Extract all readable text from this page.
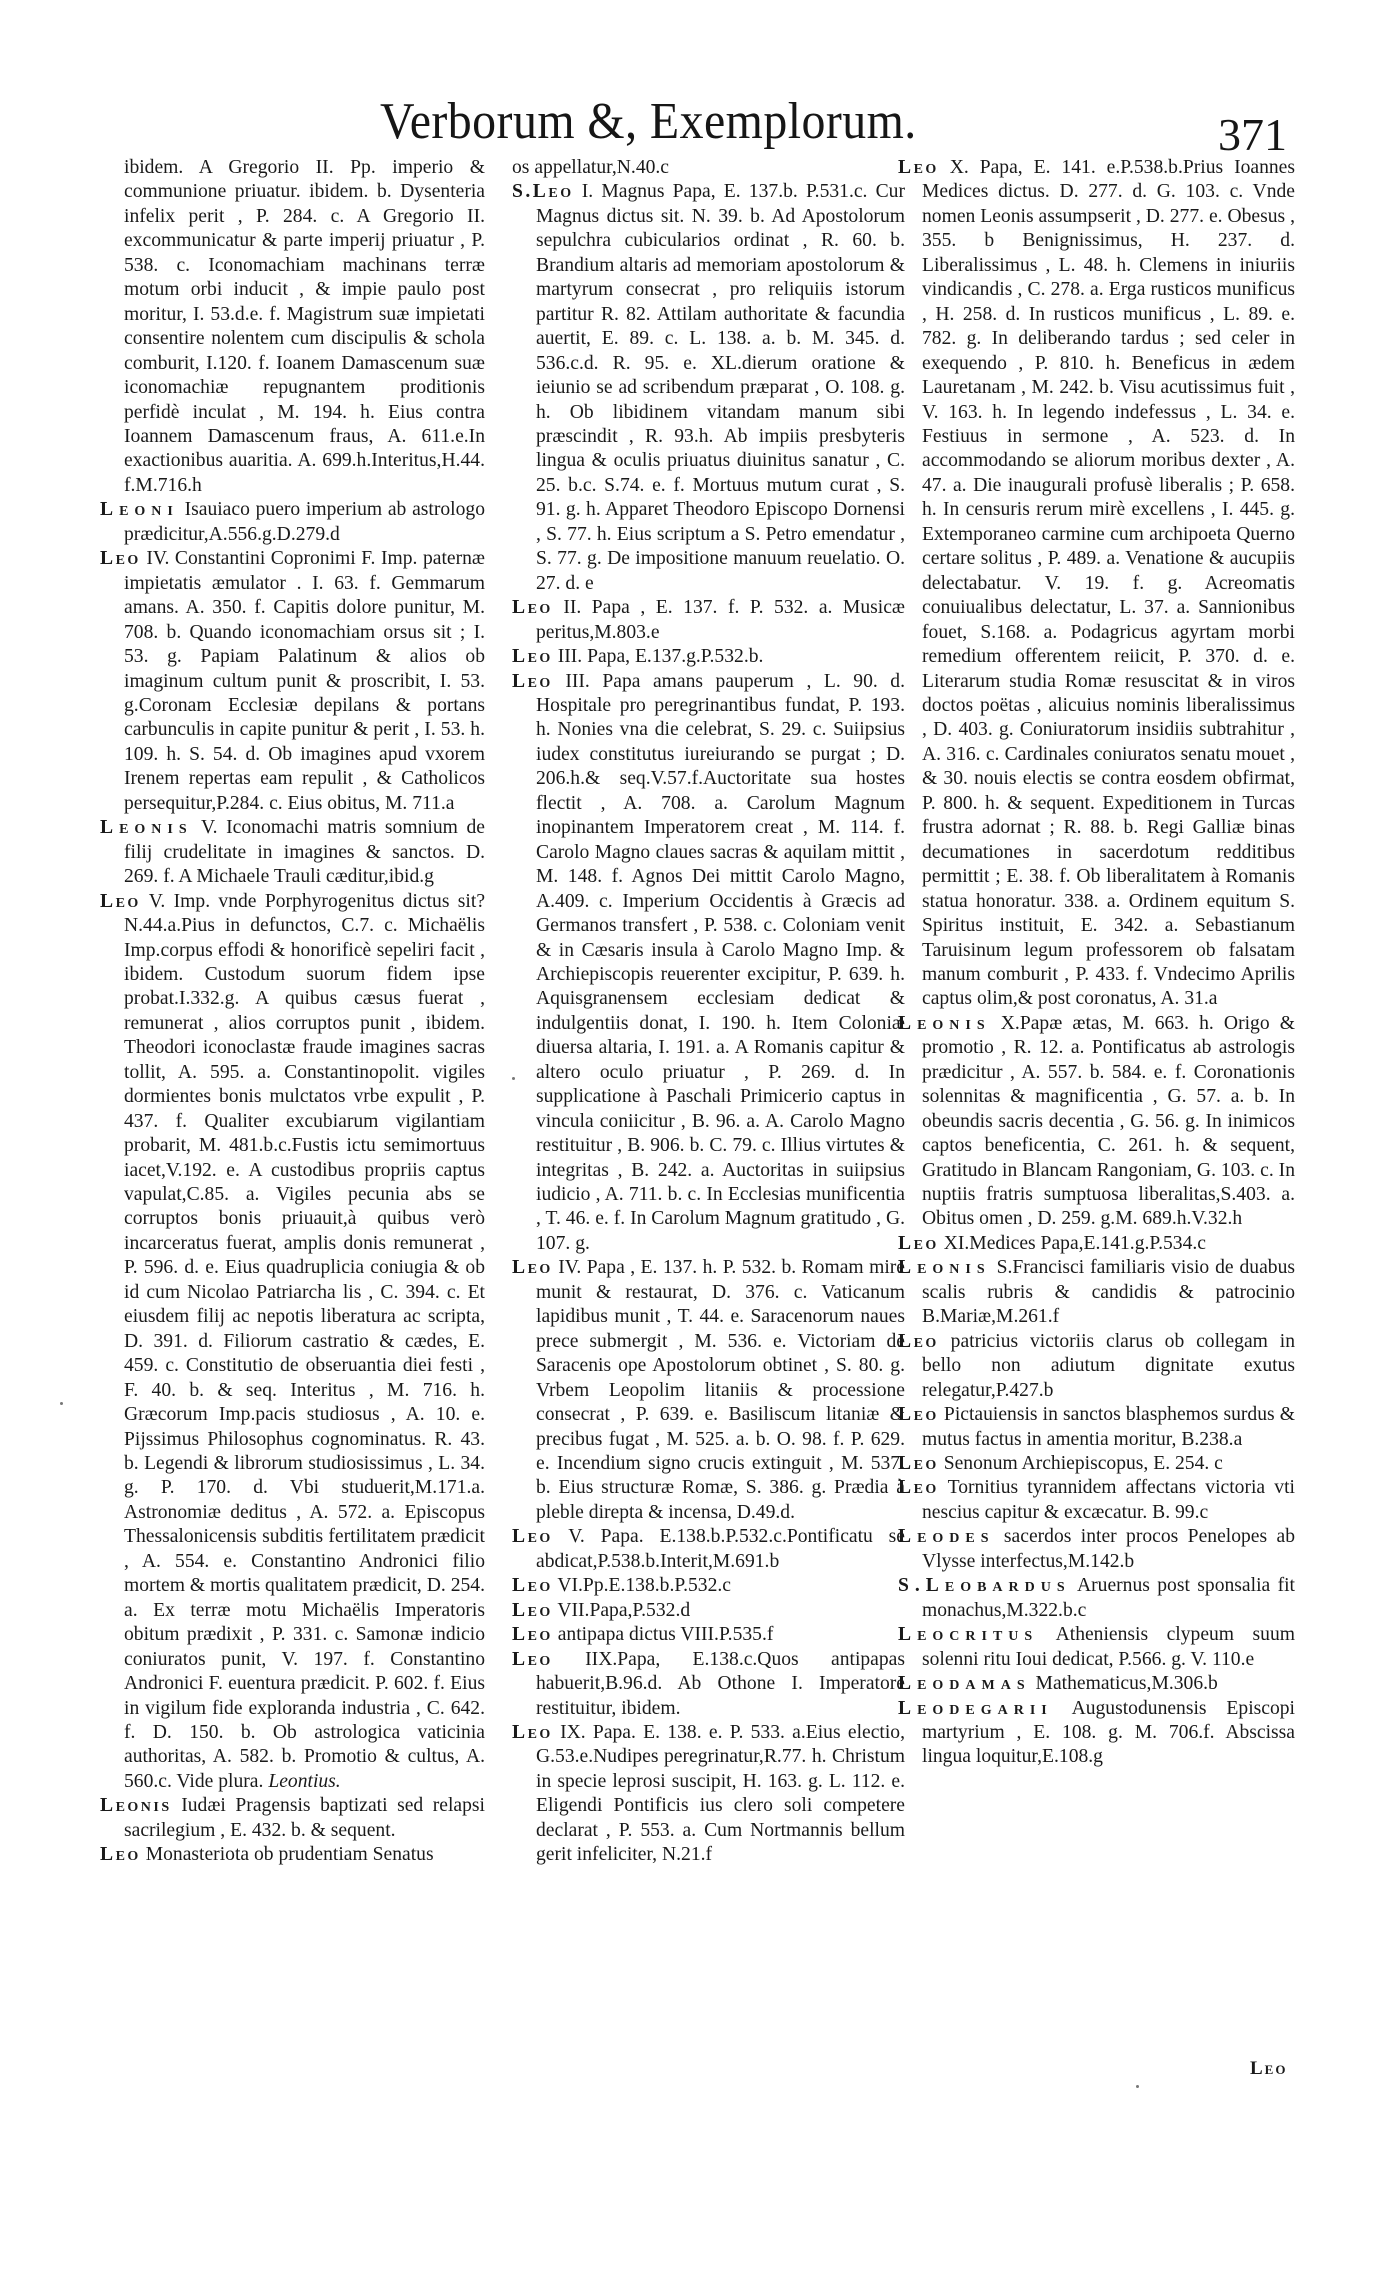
Verborum &, Exemplorum.	371

ibidem. A Gregorio II. Pp. imperio & communione priuatur. ibidem. b. Dysenteria infelix perit , P. 284. c. A Gregorio II. excommunicatur & parte imperij priuatur , P. 538. c. Iconomachiam machinans terræ motum orbi inducit , & impie paulo post moritur, I. 53.d.e. f. Magistrum suæ impietati consentire nolentem cum discipulis & schola comburit, I.120. f. Ioanem Damascenum suæ iconomachiæ repugnantem proditionis perfidè inculat , M. 194. h. Eius contra Ioannem Damascenum fraus, A. 611.e.In exactionibus auaritia. A. 699.h.Interitus,H.44. f.M.716.h

Leoni Isauiaco puero imperium ab astrologo prædicitur,A.556.g.D.279.d

Leo IV. Constantini Copronimi F. Imp. paternæ impietatis æmulator . I. 63. f. Gemmarum amans. A. 350. f. Capitis dolore punitur, M. 708. b. Quando iconomachiam orsus sit ; I. 53. g. Papiam Palatinum & alios ob imaginum cultum punit & proscribit, I. 53. g.Coronam Ecclesiæ depilans & portans carbunculis in capite punitur & perit , I. 53. h. 109. h. S. 54. d. Ob imagines apud vxorem Irenem repertas eam repulit , & Catholicos persequitur,P.284. c. Eius obitus, M. 711.a

Leonis V. Iconomachi matris somnium de filij crudelitate in imagines & sanctos. D. 269. f. A Michaele Trauli cæditur,ibid.g

Leo V. Imp. vnde Porphyrogenitus dictus sit?N.44.a.Pius in defunctos, C.7. c. Michaëlis Imp.corpus effodi & honorificè sepeliri facit , ibidem. Custodum suorum fidem ipse probat.I.332.g. A quibus cæsus fuerat , remunerat , alios corruptos punit , ibidem. Theodori iconoclastæ fraude imagines sacras tollit, A. 595. a. Constantinopolit. vigiles dormientes bonis mulctatos vrbe expulit , P. 437. f. Qualiter excubiarum vigilantiam probarit, M. 481.b.c.Fustis ictu semimortuus iacet,V.192. e. A custodibus propriis captus vapulat,C.85. a. Vigiles pecunia abs se corruptos bonis priuauit,à quibus verò incarceratus fuerat, amplis donis remunerat , P. 596. d. e. Eius quadruplicia coniugia & ob id cum Nicolao Patriarcha lis , C. 394. c. Et eiusdem filij ac nepotis liberatura ac scripta, D. 391. d. Filiorum castratio & cædes, E. 459. c. Constitutio de obseruantia diei festi , F. 40. b. & seq. Interitus , M. 716. h. Græcorum Imp.pacis studiosus , A. 10. e. Pijssimus Philosophus cognominatus. R. 43. b. Legendi & librorum studiosissimus , L. 34. g. P. 170. d. Vbi studuerit,M.171.a. Astronomiæ deditus , A. 572. a. Episcopus Thessalonicensis subditis fertilitatem prædicit , A. 554. e. Constantino Andronici filio mortem & mortis qualitatem prædicit, D. 254. a. Ex terræ motu Michaëlis Imperatoris obitum prædixit , P. 331. c. Samonæ indicio coniuratos punit, V. 197. f. Constantino Andronici F. euentura prædicit. P. 602. f. Eius in vigilum fide exploranda industria , C. 642. f. D. 150. b. Ob astrologica vaticinia authoritas, A. 582. b. Promotio & cultus, A. 560.c. Vide plura. Leontius.

Leonis Iudæi Pragensis baptizati sed relapsi sacrilegium , E. 432. b. & sequent.

Leo Monasteriota ob prudentiam Senatus

os appellatur,N.40.c

S.Leo I. Magnus Papa, E. 137.b. P.531.c. Cur Magnus dictus sit. N. 39. b. Ad Apostolorum sepulchra cubicularios ordinat , R. 60. b. Brandium altaris ad memoriam apostolorum & martyrum consecrat , pro reliquiis istorum partitur R. 82. Attilam authoritate & facundia auertit, E. 89. c. L. 138. a. b. M. 345. d. 536.c.d. R. 95. e. XL.dierum oratione & ieiunio se ad scribendum præparat , O. 108. g. h. Ob libidinem vitandam manum sibi præscindit , R. 93.h. Ab impiis presbyteris lingua & oculis priuatus diuinitus sanatur , C. 25. b.c. S.74. e. f. Mortuus mutum curat , S. 91. g. h. Apparet Theodoro Episcopo Dornensi , S. 77. h. Eius scriptum a S. Petro emendatur , S. 77. g. De impositione manuum reuelatio. O. 27. d. e

Leo II. Papa , E. 137. f. P. 532. a. Musicæ peritus,M.803.e

Leo III. Papa, E.137.g.P.532.b.

Leo III. Papa amans pauperum , L. 90. d. Hospitale pro peregrinantibus fundat, P. 193. h. Nonies vna die celebrat, S. 29. c. Suiipsius iudex constitutus iureiurando se purgat ; D. 206.h.& seq.V.57.f.Auctoritate sua hostes flectit , A. 708. a. Carolum Magnum inopinantem Imperatorem creat , M. 114. f. Carolo Magno claues sacras & aquilam mittit , M. 148. f. Agnos Dei mittit Carolo Magno, A.409. c. Imperium Occidentis à Græcis ad Germanos transfert , P. 538. c. Coloniam venit & in Cæsaris insula à Carolo Magno Imp. & Archiepiscopis reuerenter excipitur, P. 639. h. Aquisgranensem ecclesiam dedicat & indulgentiis donat, I. 190. h. Item Coloniæ diuersa altaria, I. 191. a. A Romanis capitur & altero oculo priuatur , P. 269. d. In supplicatione à Paschali Primicerio captus in vincula coniicitur , B. 96. a. A. Carolo Magno restituitur , B. 906. b. C. 79. c. Illius virtutes & integritas , B. 242. a. Auctoritas in suiipsius iudicio , A. 711. b. c. In Ecclesias munificentia , T. 46. e. f. In Carolum Magnum gratitudo , G. 107. g.

Leo IV. Papa , E. 137. h. P. 532. b. Romam mire munit & restaurat, D. 376. c. Vaticanum lapidibus munit , T. 44. e. Saracenorum naues prece submergit , M. 536. e. Victoriam de Saracenis ope Apostolorum obtinet , S. 80. g. Vrbem Leopolim litaniis & processione consecrat , P. 639. e. Basiliscum litaniæ & precibus fugat , M. 525. a. b. O. 98. f. P. 629. e. Incendium signo crucis extinguit , M. 537. b. Eius structuræ Romæ, S. 386. g. Prædia à pleble direpta & incensa, D.49.d.

Leo V. Papa. E.138.b.P.532.c.Pontificatu se abdicat,P.538.b.Interit,M.691.b

Leo VI.Pp.E.138.b.P.532.c

Leo VII.Papa,P.532.d

Leo antipapa dictus VIII.P.535.f

Leo IIX.Papa, E.138.c.Quos antipapas habuerit,B.96.d. Ab Othone I. Imperatore restituitur, ibidem.

Leo IX. Papa. E. 138. e. P. 533. a.Eius electio, G.53.e.Nudipes peregrinatur,R.77. h. Christum in specie leprosi suscipit, H. 163. g. L. 112. e. Eligendi Pontificis ius clero soli competere declarat , P. 553. a. Cum Nortmannis bellum gerit infeliciter, N.21.f

Leo X. Papa, E. 141. e.P.538.b.Prius Ioannes Medices dictus. D. 277. d. G. 103. c. Vnde nomen Leonis assumpserit , D. 277. e. Obesus , 355. b Benignissimus, H. 237. d. Liberalissimus , L. 48. h. Clemens in iniuriis vindicandis , C. 278. a. Erga rusticos munificus , H. 258. d. In rusticos munificus , L. 89. e. 782. g. In deliberando tardus ; sed celer in exequendo , P. 810. h. Beneficus in ædem Lauretanam , M. 242. b. Visu acutissimus fuit , V. 163. h. In legendo indefessus , L. 34. e. Festiuus in sermone , A. 523. d. In accommodando se aliorum moribus dexter , A. 47. a. Die inaugurali profusè liberalis ; P. 658. h. In censuris rerum mirè excellens , I. 445. g. Extemporaneo carmine cum archipoeta Querno certare solitus , P. 489. a. Venatione & aucupiis delectabatur. V. 19. f. g. Acreomatis conuiualibus delectatur, L. 37. a. Sannionibus fouet, S.168. a. Podagricus agyrtam morbi remedium offerentem reiicit, P. 370. d. e. Literarum studia Romæ resuscitat & in viros doctos poëtas , alicuius nominis liberalissimus , D. 403. g. Coniuratorum insidiis subtrahitur , A. 316. c. Cardinales coniuratos senatu mouet , & 30. nouis electis se contra eosdem obfirmat, P. 800. h. & sequent. Expeditionem in Turcas frustra adornat ; R. 88. b. Regi Galliæ binas decumationes in sacerdotum redditibus permittit ; E. 38. f. Ob liberalitatem à Romanis statua honoratur. 338. a. Ordinem equitum S. Spiritus instituit, E. 342. a. Sebastianum Taruisinum legum professorem ob falsatam manum comburit , P. 433. f. Vndecimo Aprilis captus olim,& post coronatus, A. 31.a

Leonis X.Papæ ætas, M. 663. h. Origo & promotio , R. 12. a. Pontificatus ab astrologis prædicitur , A. 557. b. 584. e. f. Coronationis solennitas & magnificentia , G. 57. a. b. In obeundis sacris decentia , G. 56. g. In inimicos captos beneficentia, C. 261. h. & sequent, Gratitudo in Blancam Rangoniam, G. 103. c. In nuptiis fratris sumptuosa liberalitas,S.403. a. Obitus omen , D. 259. g.M. 689.h.V.32.h

Leo XI.Medices Papa,E.141.g.P.534.c

Leonis S.Francisci familiaris visio de duabus scalis rubris & candidis & patrocinio B.Mariæ,M.261.f

Leo patricius victoriis clarus ob collegam in bello non adiutum dignitate exutus relegatur,P.427.b

Leo Pictauiensis in sanctos blasphemos surdus & mutus factus in amentia moritur, B.238.a

Leo Senonum Archiepiscopus, E. 254. c

Leo Tornitius tyrannidem affectans victoria vti nescius capitur & excæcatur. B. 99.c

Leodes sacerdos inter procos Penelopes ab Vlysse interfectus,M.142.b

S.Leobardus Aruernus post sponsalia fit monachus,M.322.b.c

Leocritus Atheniensis clypeum suum solenni ritu Ioui dedicat, P.566. g. V. 110.e

Leodamas Mathematicus,M.306.b

Leodegarii Augustodunensis Episcopi martyrium , E. 108. g. M. 706.f. Abscissa lingua loquitur,E.108.g

Leo
